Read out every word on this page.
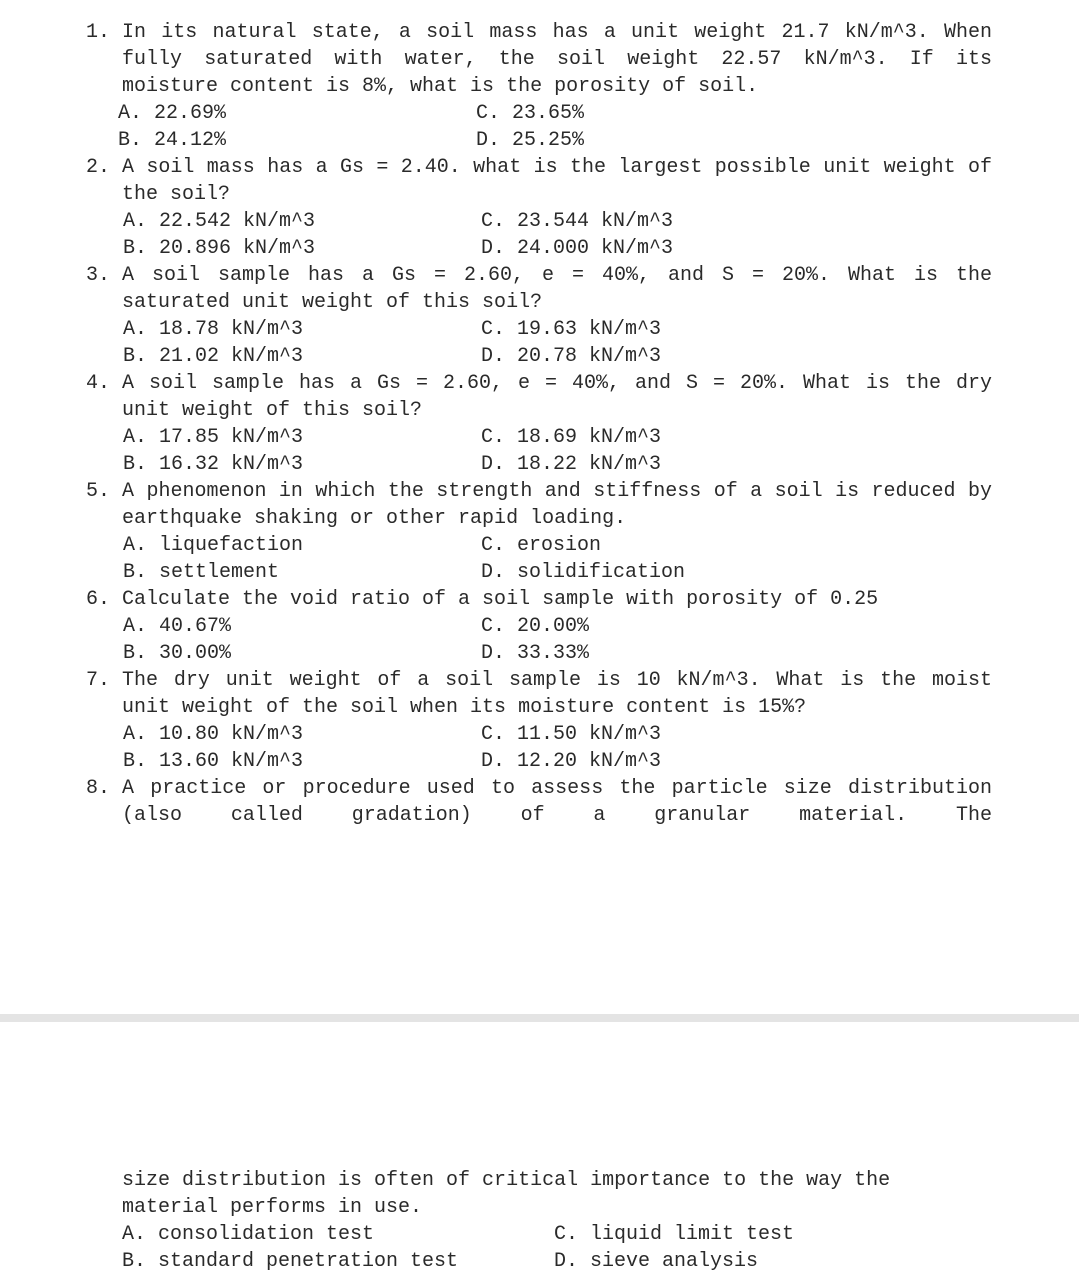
1. In its natural state, a soil mass has a unit weight 21.7 kN/m^3. When fully saturated with water, the soil weight 22.57 kN/m^3. If its moisture content is 8%, what is the porosity of soil.
A. 22.69%	C. 23.65%
B. 24.12%	D. 25.25%
2. A soil mass has a Gs = 2.40. what is the largest possible unit weight of the soil?
A. 22.542 kN/m^3	C. 23.544 kN/m^3
B. 20.896 kN/m^3	D. 24.000 kN/m^3
3. A soil sample has a Gs = 2.60, e = 40%, and S = 20%. What is the saturated unit weight of this soil?
A. 18.78 kN/m^3	C. 19.63 kN/m^3
B. 21.02 kN/m^3	D. 20.78 kN/m^3
4. A soil sample has a Gs = 2.60, e = 40%, and S = 20%. What is the dry unit weight of this soil?
A. 17.85 kN/m^3	C. 18.69 kN/m^3
B. 16.32 kN/m^3	D. 18.22 kN/m^3
5. A phenomenon in which the strength and stiffness of a soil is reduced by earthquake shaking or other rapid loading.
A. liquefaction	C. erosion
B. settlement	D. solidification
6. Calculate the void ratio of a soil sample with porosity of 0.25
A. 40.67%	C. 20.00%
B. 30.00%	D. 33.33%
7. The dry unit weight of a soil sample is 10 kN/m^3. What is the moist unit weight of the soil when its moisture content is 15%?
A. 10.80 kN/m^3	C. 11.50 kN/m^3
B. 13.60 kN/m^3	D. 12.20 kN/m^3
8. A practice or procedure used to assess the particle size distribution (also called gradation) of a granular material. The
size distribution is often of critical importance to the way the material performs in use.
A. consolidation test	C. liquid limit test
B. standard penetration test	D. sieve analysis
